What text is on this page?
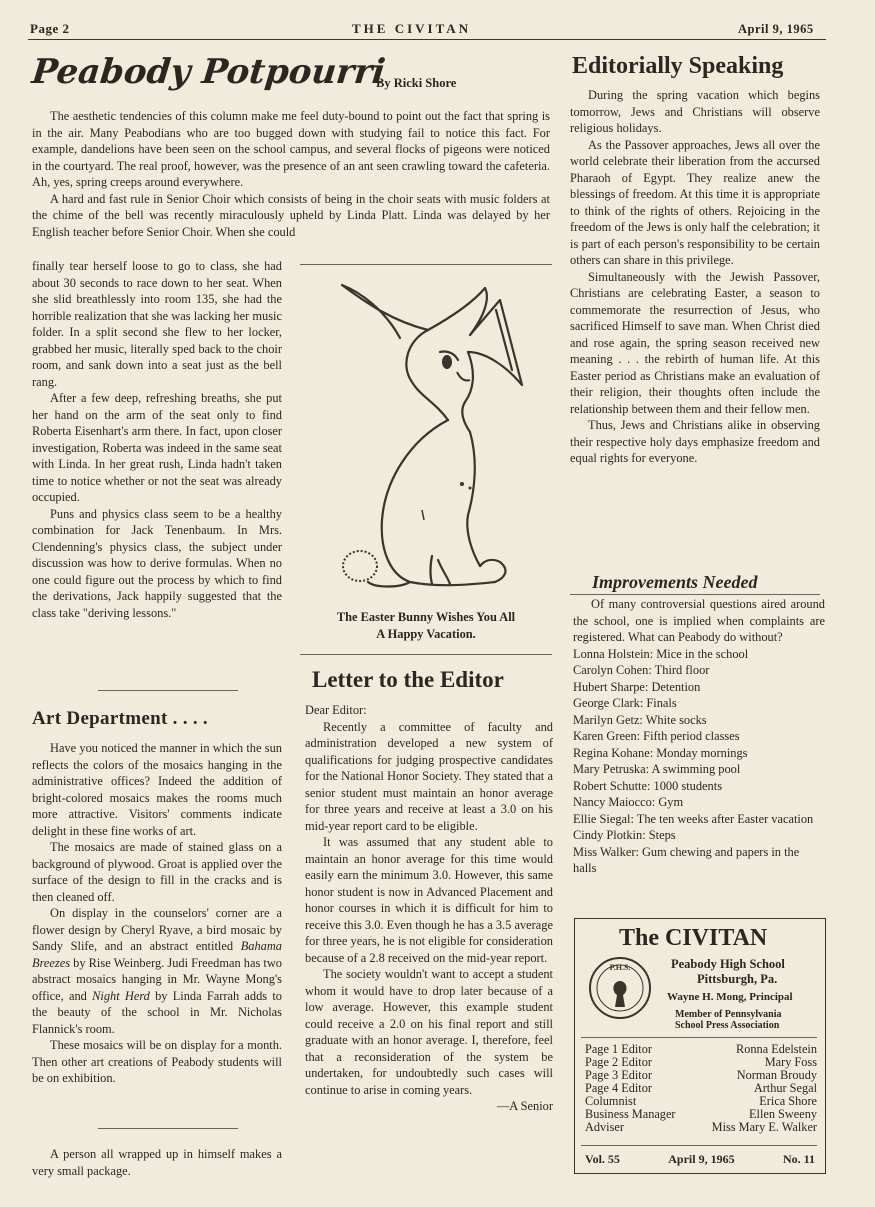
Page 2	THE CIVITAN	April 9, 1965
Peabody Potpourri
By Ricki Shore

The aesthetic tendencies of this column make me feel duty-bound to point out the fact that spring is in the air. Many Peabodians who are too bugged down with studying fail to notice this fact. For example, dandelions have been seen on the school campus, and several flocks of pigeons were noticed in the courtyard. The real proof, however, was the presence of an ant seen crawling toward the cafeteria. Ah, yes, spring creeps around everywhere.

A hard and fast rule in Senior Choir which consists of being in the choir seats with music folders at the chime of the bell was recently miraculously upheld by Linda Platt. Linda was delayed by her English teacher before Senior Choir. When she could

finally tear herself loose to go to class, she had about 30 seconds to race down to her seat. When she slid breathlessly into room 135, she had the horrible realization that she was lacking her music folder. In a split second she flew to her locker, grabbed her music, literally sped back to the choir room, and sank down into a seat just as the bell rang.

After a few deep, refreshing breaths, she put her hand on the arm of the seat only to find Roberta Eisenhart's arm there. In fact, upon closer investigation, Roberta was indeed in the same seat with Linda. In her great rush, Linda hadn't taken time to notice whether or not the seat was already occupied.

Puns and physics class seem to be a healthy combination for Jack Tenenbaum. In Mrs. Clendenning's physics class, the subject under discussion was how to derive formulas. When no one could figure out the process by which to find the derivations, Jack happily suggested that the class take "deriving lessons."	The Easter Bunny Wishes You All
A Happy Vacation.
Art Department . . . .

Have you noticed the manner in which the sun reflects the colors of the mosaics hanging in the administrative offices? Indeed the addition of bright-colored mosaics makes the rooms much more attractive. Visitors' comments indicate delight in these fine works of art.

The mosaics are made of stained glass on a background of plywood. Groat is applied over the surface of the design to fill in the cracks and is then cleaned off.

On display in the counselors' corner are a flower design by Cheryl Ryave, a bird mosaic by Sandy Slife, and an abstract entitled Bahama Breezes by Rise Weinberg. Judi Freedman has two abstract mosaics hanging in Mr. Wayne Mong's office, and Night Herd by Linda Farrah adds to the beauty of the school in Mr. Nicholas Flannick's room.

These mosaics will be on display for a month. Then other art creations of Peabody students will be on exhibition.

A person all wrapped up in himself makes a very small package.

Letter to the Editor

Dear Editor:

Recently a committee of faculty and administration developed a new system of qualifications for judging prospective candidates for the National Honor Society. They stated that a senior student must maintain an honor average for three years and receive at least a 3.0 on his mid-year report card to be eligible.

It was assumed that any student able to maintain an honor average for this time would easily earn the minimum 3.0. However, this same honor student is now in Advanced Placement and honor courses in which it is difficult for him to receive this 3.0. Even though he has a 3.5 average for three years, he is not eligible for consideration because of a 2.8 received on the mid-year report.

The society wouldn't want to accept a student whom it would have to drop later because of a low average. However, this example student could receive a 2.0 on his final report and still graduate with an honor average. I, therefore, feel that a reconsideration of the system be undertaken, for undoubtedly such cases will continue to arise in coming years.

—A Senior

Editorially Speaking

During the spring vacation which begins tomorrow, Jews and Christians will observe religious holidays.

As the Passover approaches, Jews all over the world celebrate their liberation from the accursed Pharaoh of Egypt. They realize anew the blessings of freedom. At this time it is appropriate to think of the rights of others. Rejoicing in the freedom of the Jews is only half the celebration; it is part of each person's responsibility to be certain others can share in this privilege.

Simultaneously with the Jewish Passover, Christians are celebrating Easter, a season to commemorate the resurrection of Jesus, who sacrificed Himself to save man. When Christ died and rose again, the spring season received new meaning . . . the rebirth of human life. At this Easter period as Christians make an evaluation of their religion, their thoughts often include the relationship between them and their fellow men.

Thus, Jews and Christians alike in observing their respective holy days emphasize freedom and equal rights for everyone.

Improvements Needed

Of many controversial questions aired around the school, one is implied when complaints are registered. What can Peabody do without?

Lonna Holstein: Mice in the school
Carolyn Cohen: Third floor
Hubert Sharpe: Detention
George Clark: Finals
Marilyn Getz: White socks
Karen Green: Fifth period classes
Regina Kohane: Monday mornings
Mary Petruska: A swimming pool
Robert Schutte: 1000 students
Nancy Maiocco: Gym
Ellie Siegal: The ten weeks after Easter vacation
Cindy Plotkin: Steps
Miss Walker: Gum chewing and papers in the halls
The CIVITAN
P.H.S.	Peabody High School
Pittsburgh, Pa.
Wayne H. Mong, Principal
Member of Pennsylvania
School Press Association
Page 1 Editor	Ronna Edelstein
Page 2 Editor	Mary Foss
Page 3 Editor	Norman Broudy
Page 4 Editor	Arthur Segal
Columnist	Erica Shore
Business Manager	Ellen Sweeny
Adviser	Miss Mary E. Walker
Vol. 55	April 9, 1965	No. 11
